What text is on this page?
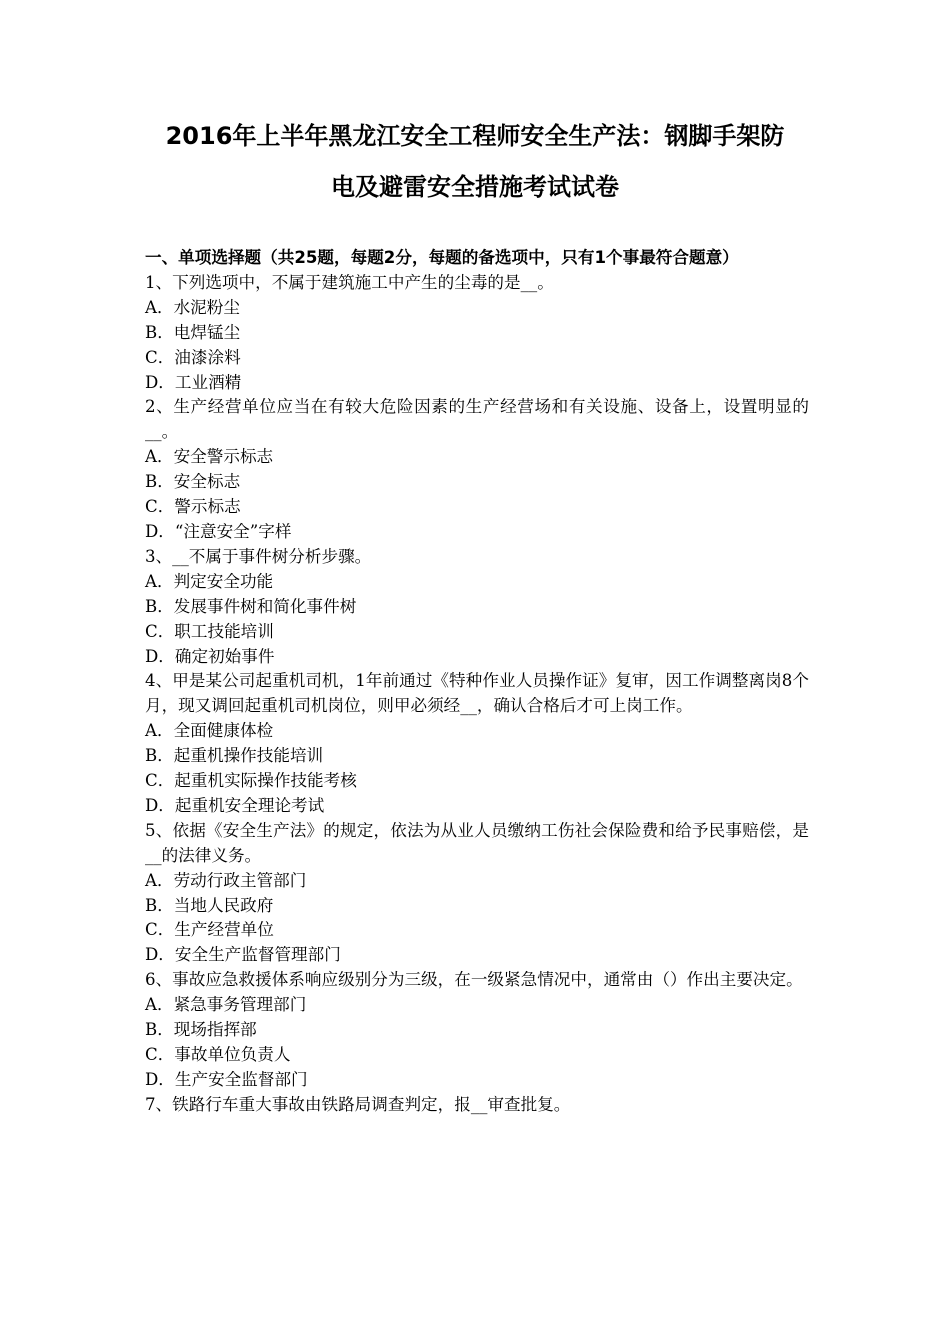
2016年上半年黑龙江安全工程师安全生产法：钢脚手架防
电及避雷安全措施考试试卷
一、单项选择题（共25题，每题2分，每题的备选项中，只有1个事最符合题意）
1、下列选项中，不属于建筑施工中产生的尘毒的是__。
A．水泥粉尘
B．电焊锰尘
C．油漆涂料
D．工业酒精
2、生产经营单位应当在有较大危险因素的生产经营场和有关设施、设备上，设置明显的__。
A．安全警示标志
B．安全标志
C．警示标志
D．“注意安全”字样
3、__不属于事件树分析步骤。
A．判定安全功能
B．发展事件树和简化事件树
C．职工技能培训
D．确定初始事件
4、甲是某公司起重机司机，1年前通过《特种作业人员操作证》复审，因工作调整离岗8个月，现又调回起重机司机岗位，则甲必须经__，确认合格后才可上岗工作。
A．全面健康体检
B．起重机操作技能培训
C．起重机实际操作技能考核
D．起重机安全理论考试
5、依据《安全生产法》的规定，依法为从业人员缴纳工伤社会保险费和给予民事赔偿，是__的法律义务。
A．劳动行政主管部门
B．当地人民政府
C．生产经营单位
D．安全生产监督管理部门
6、事故应急救援体系响应级别分为三级，在一级紧急情况中，通常由（）作出主要决定。
A．紧急事务管理部门
B．现场指挥部
C．事故单位负责人
D．生产安全监督部门
7、铁路行车重大事故由铁路局调查判定，报__审查批复。
